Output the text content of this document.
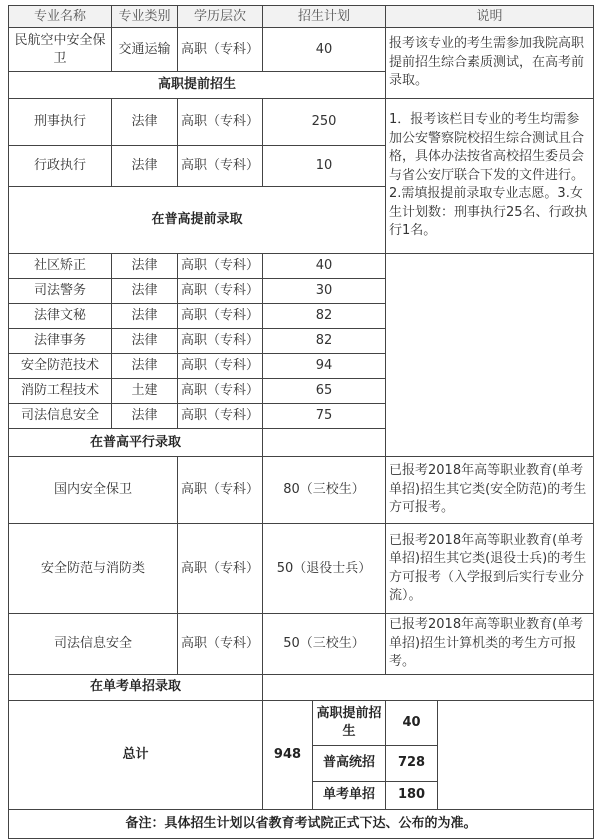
专业名称	专业类别	学历层次	招生计划		说明	
民航空中安全保卫	交通运输	高职（专科）	40		报考该专业的考生需参加我院高职提前招生综合素质测试，在高考前录取。	
高职提前招生						
刑事执行	法律	高职（专科）	250		1．报考该栏目专业的考生均需参加公安警察院校招生综合测试且合格，具体办法按省高校招生委员会与省公安厅联合下发的文件进行。2.需填报提前录取专业志愿。3.女生计划数：刑事执行25名、行政执行1名。	
行政执行	法律	高职（专科）	10			
在普高提前录取						
社区矫正	法律	高职（专科）	40			
司法警务	法律	高职（专科）	30			
法律文秘	法律	高职（专科）	82			
法律事务	法律	高职（专科）	82			
安全防范技术	法律	高职（专科）	94			
消防工程技术	土建	高职（专科）	65			
司法信息安全	法律	高职（专科）	75			
在普高平行录取						
国内安全保卫		高职（专科）	80（三校生）		已报考2018年高等职业教育(单考单招)招生其它类(安全防范)的考生方可报考。	
安全防范与消防类		高职（专科）	50（退役士兵）		已报考2018年高等职业教育(单考单招)招生其它类(退役士兵)的考生方可报考（入学报到后实行专业分流）。	
司法信息安全		高职（专科）	50（三校生）		已报考2018年高等职业教育(单考单招)招生计算机类的考生方可报考。	
在单考单招录取						
总计			948	高职提前招生	40	
				普高统招	728	
				单考单招	180	
备注：具体招生计划以省教育考试院正式下达、公布的为准。						
